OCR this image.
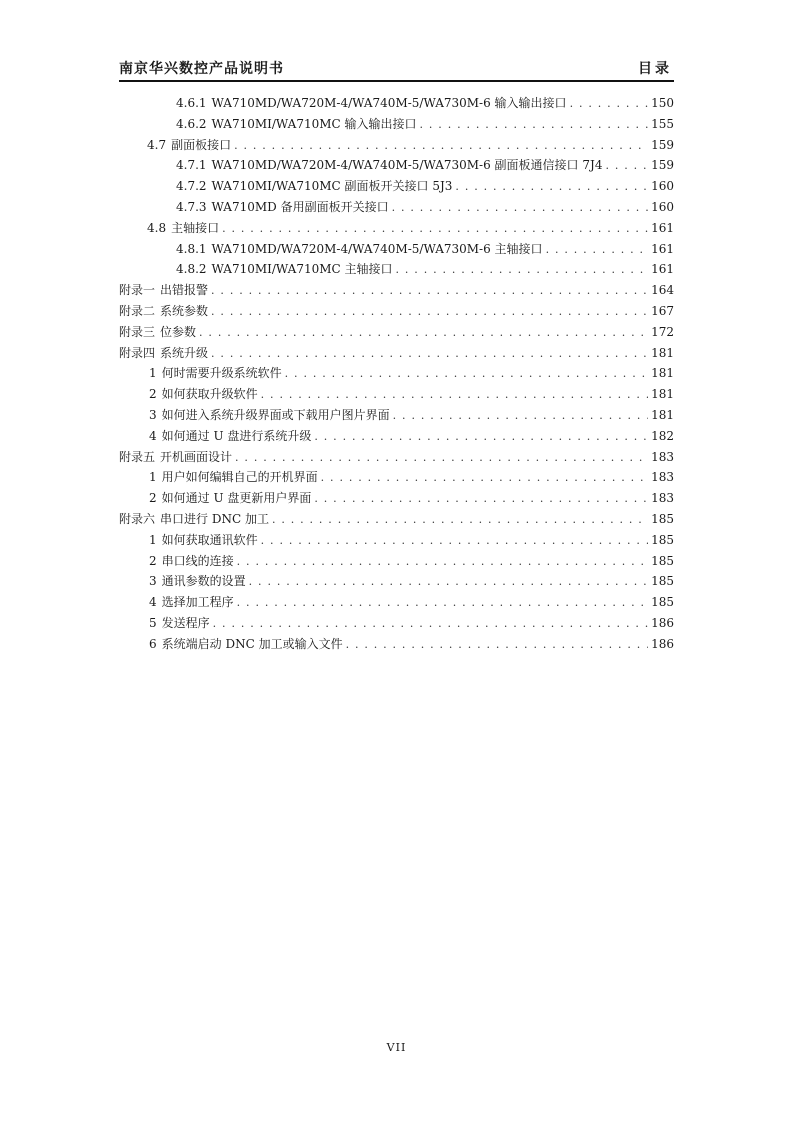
南京华兴数控产品说明书	目录
4.6.1 WA710MD/WA720M-4/WA740M-5/WA730M-6 输入输出接口 . . .	150
4.6.2 WA710MI/WA710MC 输入输出接口 . . .	155
4.7 副面板接口 . . .	159
4.7.1 WA710MD/WA720M-4/WA740M-5/WA730M-6 副面板通信接口 7J4 . . .	159
4.7.2 WA710MI/WA710MC 副面板开关接口 5J3 . . .	160
4.7.3 WA710MD 备用副面板开关接口 . . .	160
4.8 主轴接口 . . .	161
4.8.1 WA710MD/WA720M-4/WA740M-5/WA730M-6 主轴接口 . . .	161
4.8.2 WA710MI/WA710MC 主轴接口 . . .	161
附录一 出错报警 . . .	164
附录二 系统参数 . . .	167
附录三 位参数 . . .	172
附录四 系统升级 . . .	181
1 何时需要升级系统软件 . . .	181
2 如何获取升级软件 . . .	181
3 如何进入系统升级界面或下载用户图片界面 . . .	181
4 如何通过 U 盘进行系统升级 . . .	182
附录五 开机画面设计 . . .	183
1 用户如何编辑自己的开机界面 . . .	183
2 如何通过 U 盘更新用户界面 . . .	183
附录六 串口进行 DNC 加工 . . .	185
1 如何获取通讯软件 . . .	185
2 串口线的连接 . . .	185
3 通讯参数的设置 . . .	185
4 选择加工程序 . . .	185
5 发送程序 . . .	186
6 系统端启动 DNC 加工或输入文件 . . .	186
VII
